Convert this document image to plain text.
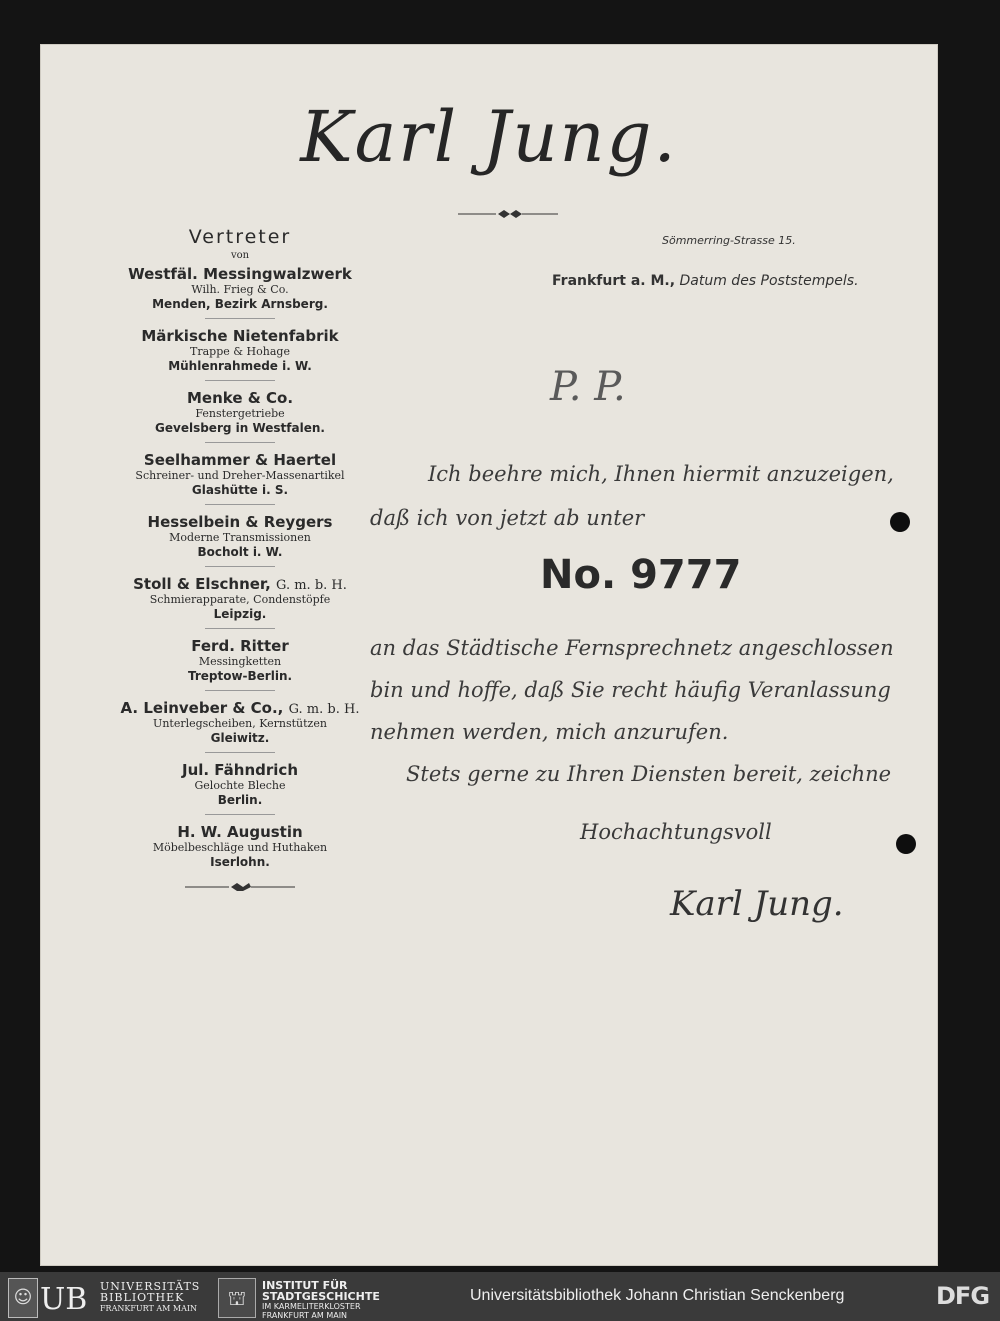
Karl Jung.
Sömmerring-Strasse 15.
Frankfurt a. M., Datum des Poststempels.
Vertreter
von
Westfäl. Messingwalzwerk
Wilh. Frieg & Co.
Menden, Bezirk Arnsberg.
Märkische Nietenfabrik
Trappe & Hohage
Mühlenrahmede i. W.
Menke & Co.
Fenstergetriebe
Gevelsberg in Westfalen.
Seelhammer & Haertel
Schreiner- und Dreher-Massenartikel
Glashütte i. S.
Hesselbein & Reygers
Moderne Transmissionen
Bocholt i. W.
Stoll & Elschner, G. m. b. H.
Schmierapparate, Condenstöpfe
Leipzig.
Ferd. Ritter
Messingketten
Treptow-Berlin.
A. Leinveber & Co., G. m. b. H.
Unterlegscheiben, Kernstützen
Gleiwitz.
Jul. Fähndrich
Gelochte Bleche
Berlin.
H. W. Augustin
Möbelbeschläge und Huthaken
Iserlohn.
P. P.
Ich beehre mich, Ihnen hiermit anzuzeigen,
daß ich von jetzt ab unter
No. 9777
an das Städtische Fernsprechnetz angeschlossen
bin und hoffe, daß Sie recht häufig Veranlassung
nehmen werden, mich anzurufen.
Stets gerne zu Ihren Diensten bereit, zeichne
Hochachtungsvoll
Karl Jung.
☺ UB UNIVERSITÄTS
BIBLIOTHEK
FRANKFURT AM MAIN	⛫
INSTITUT FÜR
STADTGESCHICHTE
IM KARMELITERKLOSTER
FRANKFURT AM MAIN
Universitätsbibliothek Johann Christian Senckenberg	DFG
